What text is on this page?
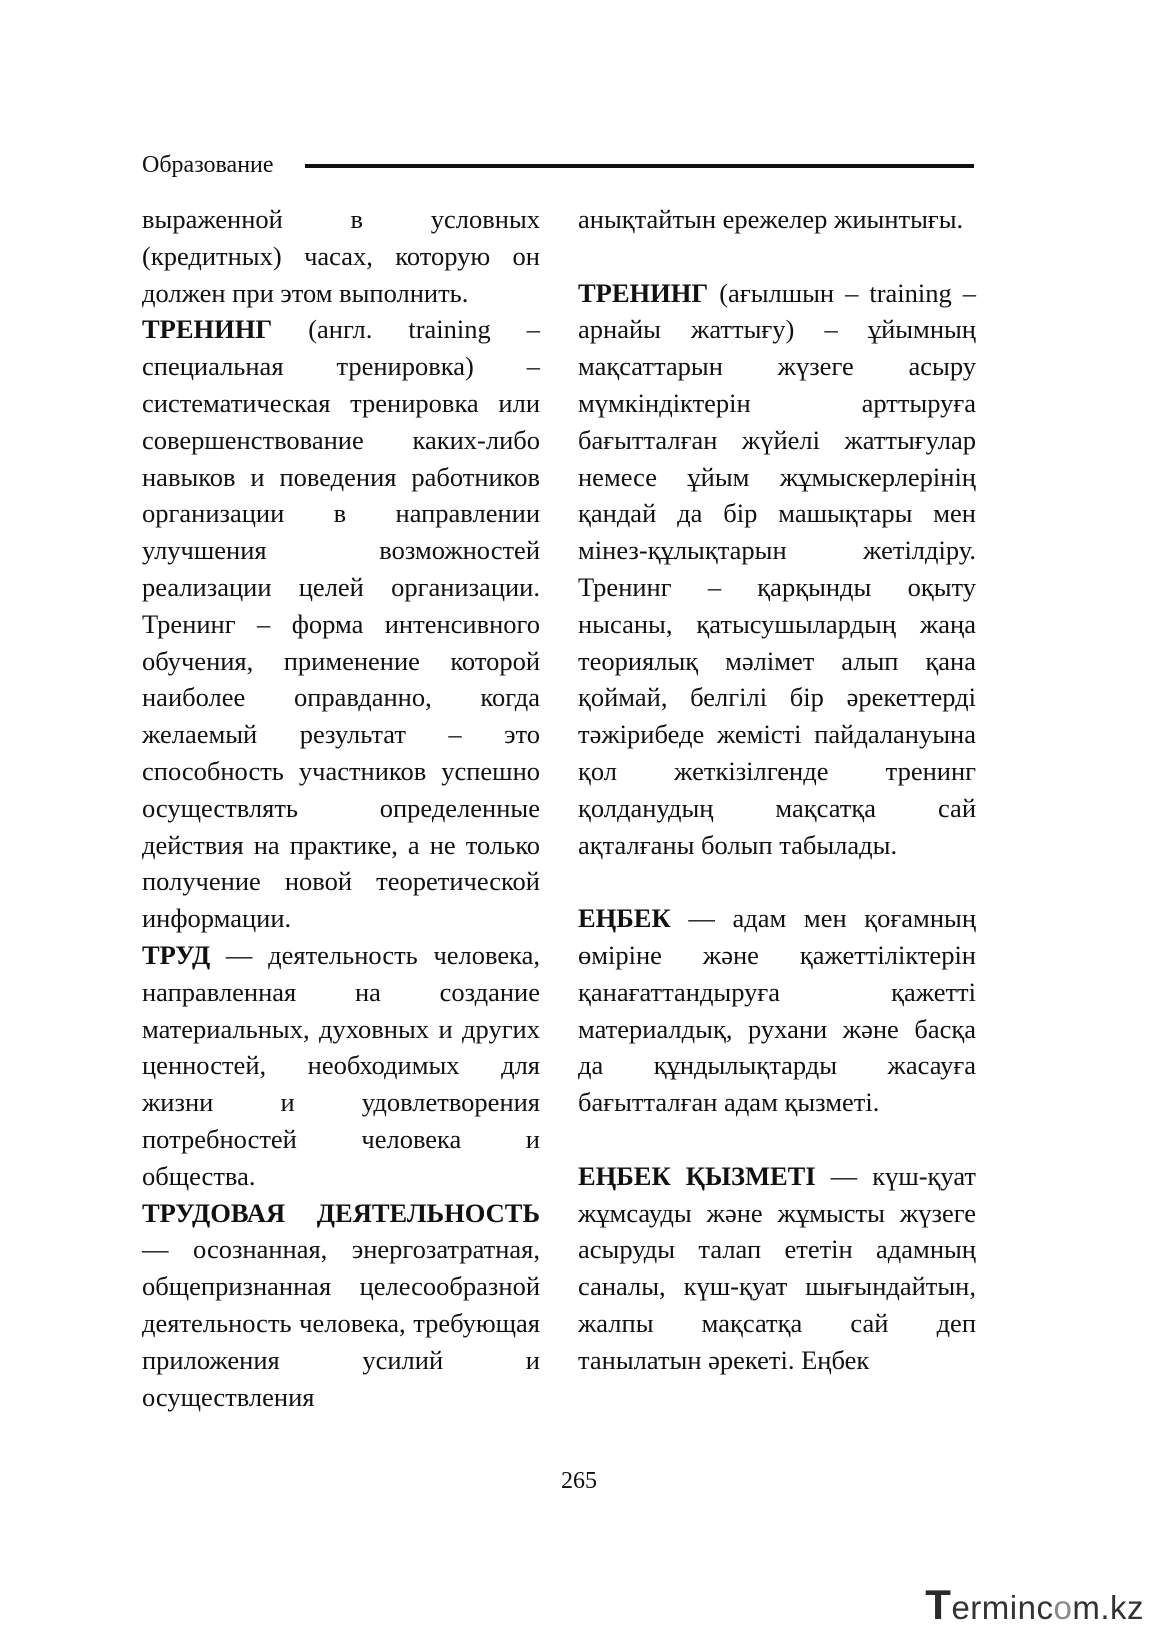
Образование

выраженной в условных (кредитных) часах, которую он должен при этом выполнить.

ТРЕНИНГ (англ. training – специальная тренировка) – систематическая тренировка или совершенствование каких-либо навыков и поведения работников организации в направлении улучшения возможностей реализации целей организации. Тренинг – форма интенсивного обучения, применение которой наиболее оправданно, когда желаемый результат – это способность участников успешно осуществлять определенные действия на практике, а не только получение новой теоретической информации.

ТРУД — деятельность человека, направленная на создание материальных, духовных и других ценностей, необходимых для жизни и удовлетворения потребностей человека и общества.

ТРУДОВАЯ ДЕЯТЕЛЬНОСТЬ — осознанная, энергозатратная, общепризнанная целесообразной деятельность человека, требующая приложения усилий и осуществления

анықтайтын ережелер жиынтығы.

ТРЕНИНГ (ағылшын – training – арнайы жаттығу) – ұйымның мақсаттарын жүзеге асыру мүмкіндіктерін арттыруға бағытталған жүйелі жаттығулар немесе ұйым жұмыскерлерінің қандай да бір машықтары мен мінез-құлықтарын жетілдіру. Тренинг – қарқынды оқыту нысаны, қатысушылардың жаңа теориялық мәлімет алып қана қоймай, белгілі бір әрекеттерді тәжірибеде жемісті пайдалануына қол жеткізілгенде тренинг қолданудың мақсатқа сай ақталғаны болып табылады.

ЕҢБЕК — адам мен қоғамның өміріне және қажеттіліктерін қанағаттандыруға қажетті материалдық, рухани және басқа да құндылықтарды жасауға бағытталған адам қызметі.

ЕҢБЕК ҚЫЗМЕТІ — күш-қуат жұмсауды және жұмысты жүзеге асыруды талап ететін адамның саналы, күш-қуат шығындайтын, жалпы мақсатқа сай деп танылатын әрекеті. Еңбек

265
Termincom.kz
